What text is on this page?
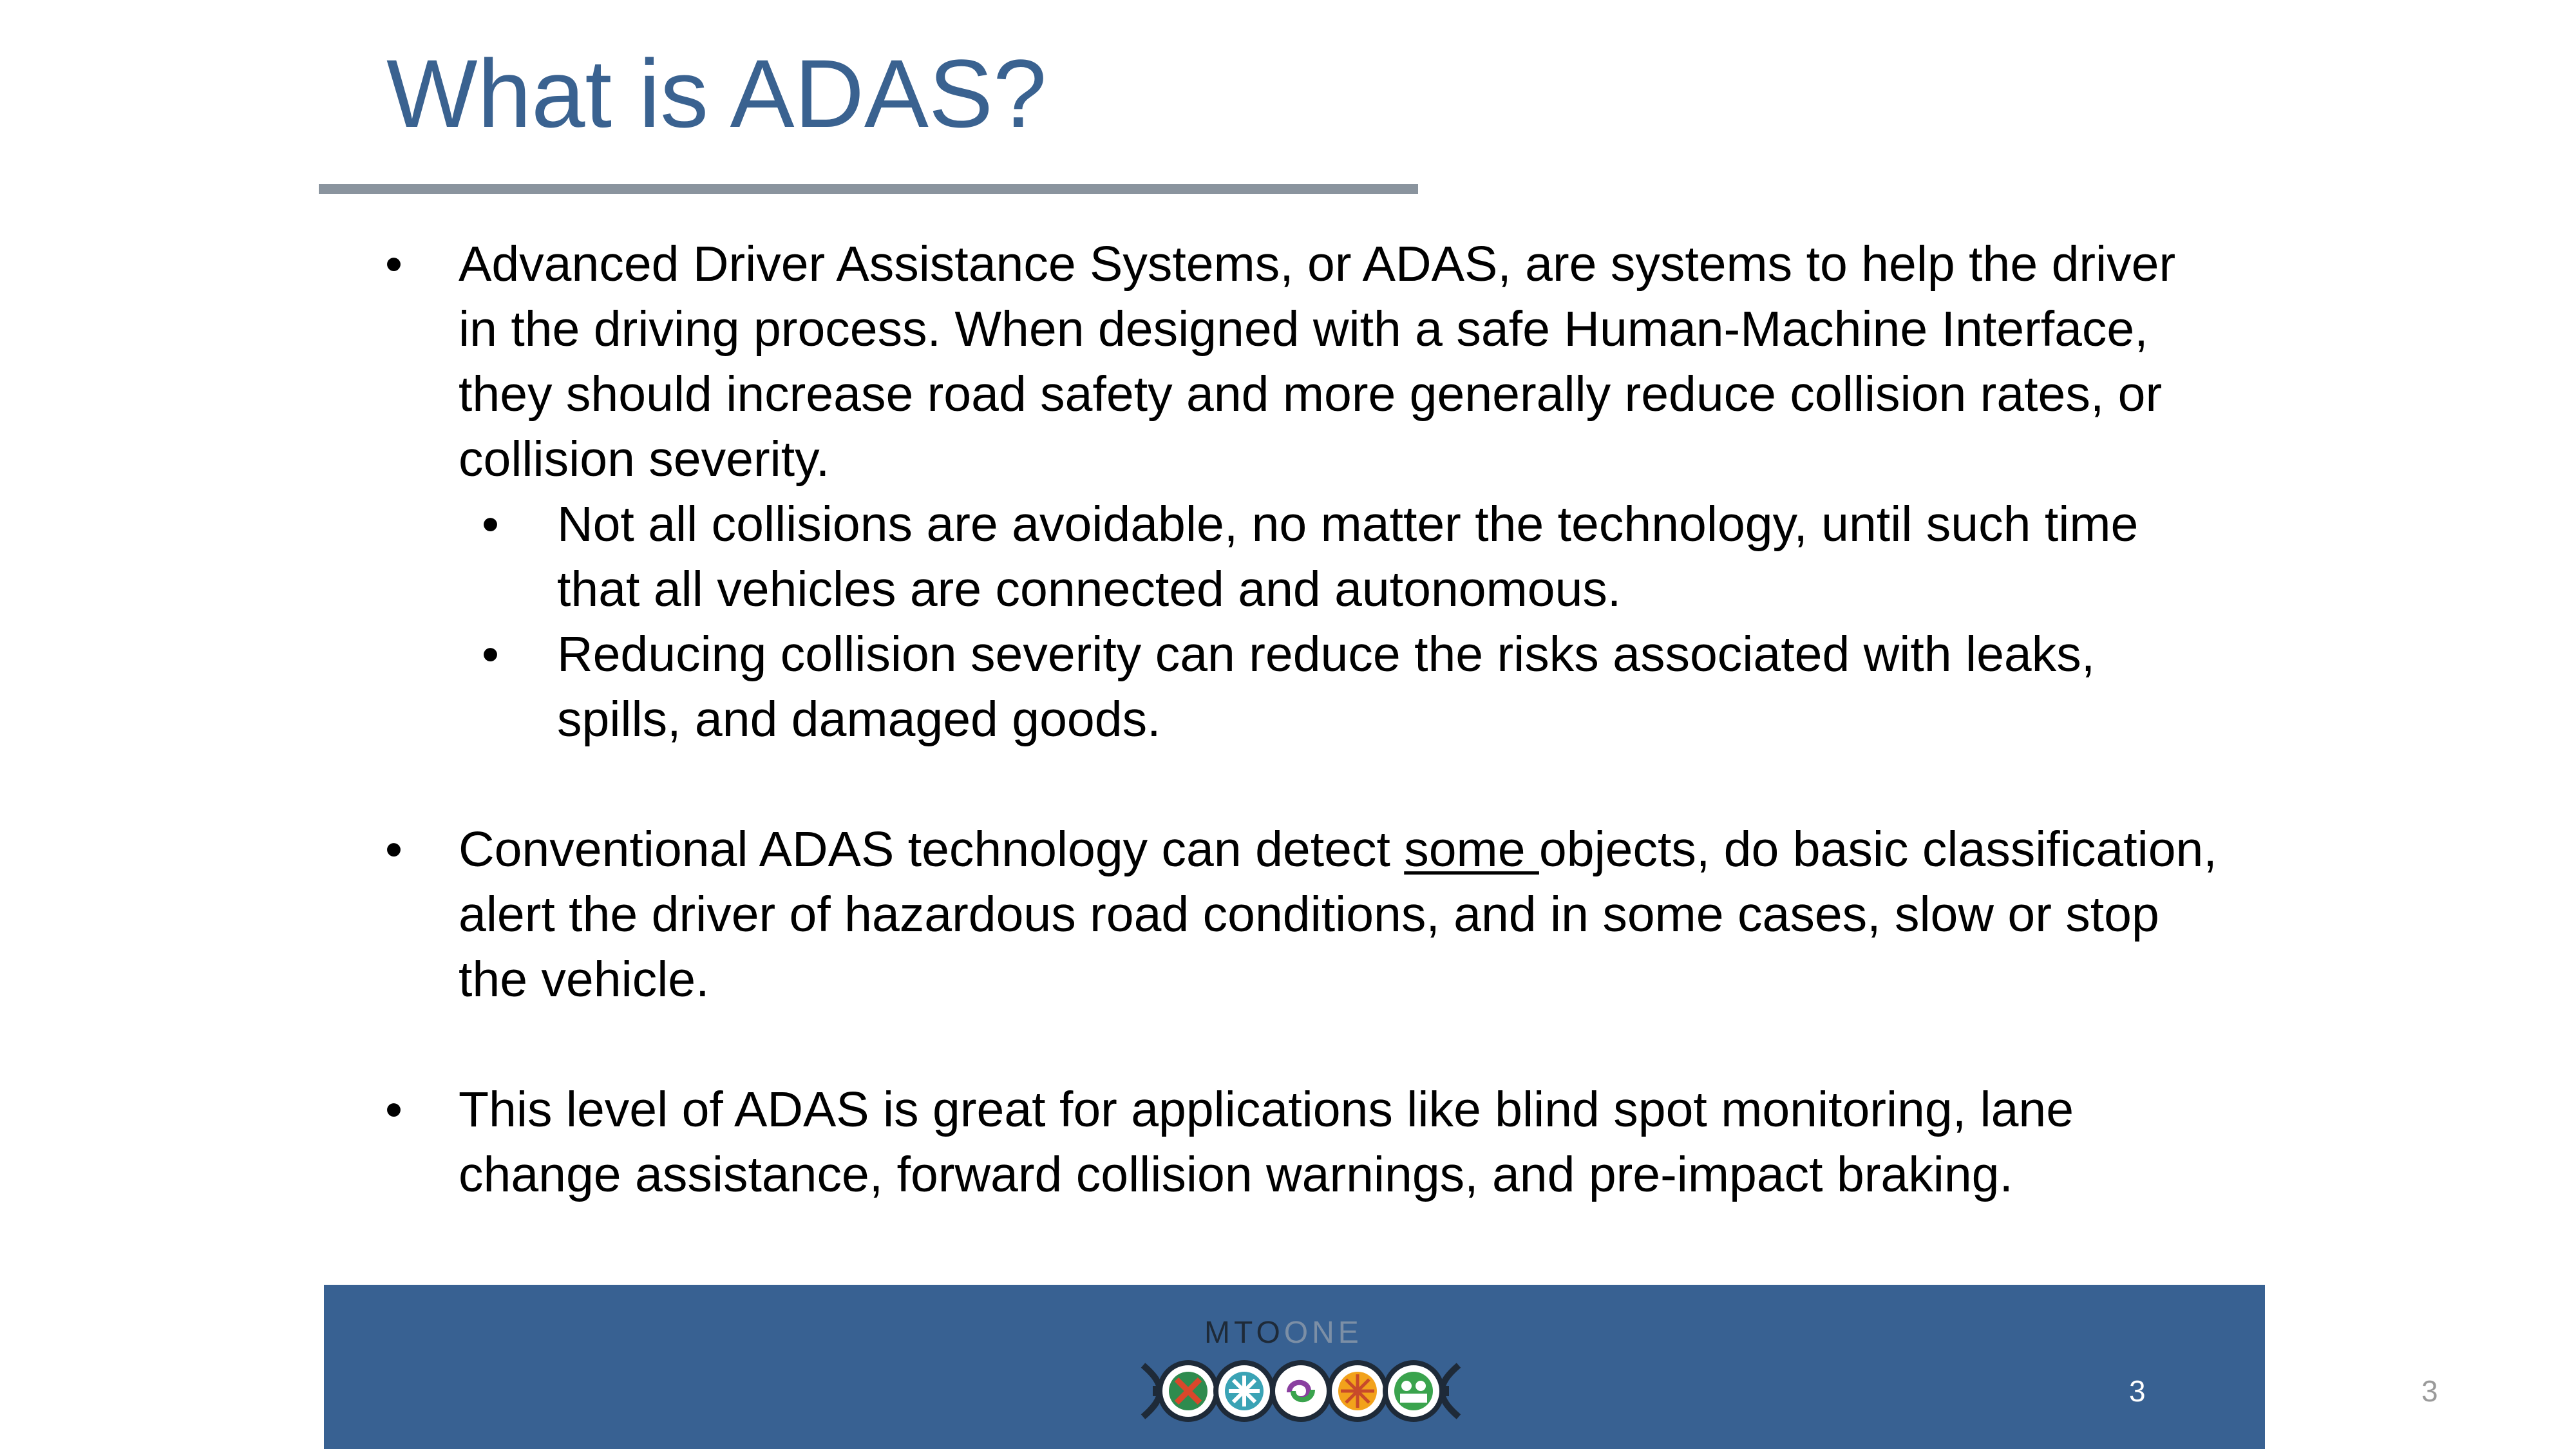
What is ADAS?

• Advanced Driver Assistance Systems, or ADAS, are systems to help the driver in the driving process. When designed with a safe Human-Machine Interface, they should increase road safety and more generally reduce collision rates, or collision severity.

• Not all collisions are avoidable, no matter the technology, until such time that all vehicles are connected and autonomous.

• Reducing collision severity can reduce the risks associated with leaks, spills, and damaged goods.

• Conventional ADAS technology can detect some objects, do basic classification, alert the driver of hazardous road conditions, and in some cases, slow or stop the vehicle.

• This level of ADAS is great for applications like blind spot monitoring, lane change assistance, forward collision warnings, and pre-impact braking.

MTOONE
3	3
